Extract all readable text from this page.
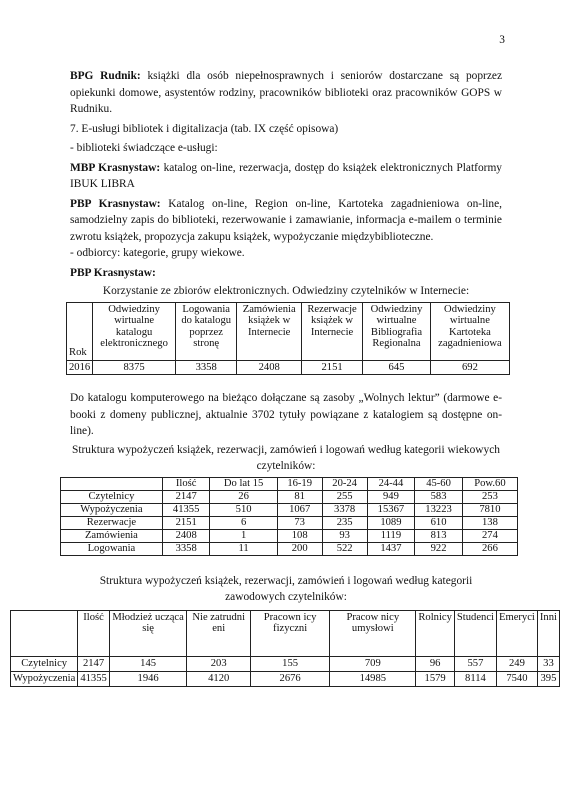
3

BPG Rudnik: książki dla osób niepełnosprawnych i seniorów dostarczane są poprzez opiekunki domowe, asystentów rodziny, pracowników biblioteki oraz pracowników GOPS w Rudniku.

7. E-usługi bibliotek i digitalizacja (tab. IX część opisowa)

- biblioteki świadczące e-usługi:

MBP Krasnystaw: katalog on-line, rezerwacja, dostęp do książek elektronicznych Platformy IBUK LIBRA

PBP Krasnystaw: Katalog on-line, Region on-line, Kartoteka zagadnieniowa on-line, samodzielny zapis do biblioteki, rezerwowanie i zamawianie, informacja e-mailem o terminie zwrotu książek, propozycja zakupu książek, wypożyczanie międzybiblioteczne.

- odbiorcy: kategorie, grupy wiekowe.

PBP Krasnystaw:

Korzystanie ze zbiorów elektronicznych. Odwiedziny czytelników w Internecie:

Rok	Odwiedziny wirtualne katalogu elektronicznego	Logowania do katalogu poprzez stronę	Zamówienia książek w Internecie	Rezerwacje książek w Internecie	Odwiedziny wirtualne Bibliografia Regionalna	Odwiedziny wirtualne Kartoteka zagadnieniowa
2016	8375	3358	2408	2151	645	692

Do katalogu komputerowego na bieżąco dołączane są zasoby „Wolnych lektur” (darmowe e-booki z domeny publicznej, aktualnie 3702 tytuły powiązane z katalogiem są dostępne on-line).

Struktura wypożyczeń książek, rezerwacji, zamówień i logowań według kategorii wiekowych czytelników:

	Ilość	Do lat 15	16-19	20-24	24-44	45-60	Pow.60
Czytelnicy	2147	26	81	255	949	583	253
Wypożyczenia	41355	510	1067	3378	15367	13223	7810
Rezerwacje	2151	6	73	235	1089	610	138
Zamówienia	2408	1	108	93	1119	813	274
Logowania	3358	11	200	522	1437	922	266

Struktura wypożyczeń książek, rezerwacji, zamówień i logowań według kategorii zawodowych czytelników:

	Ilość	Młodzież ucząca się	Nie zatrudni eni	Pracown icy fizyczni	Pracow nicy umysłowi	Rolnicy	Studenci	Emeryci	Inni
Czytelnicy	2147	145	203	155	709	96	557	249	33
Wypożyczenia	41355	1946	4120	2676	14985	1579	8114	7540	395
